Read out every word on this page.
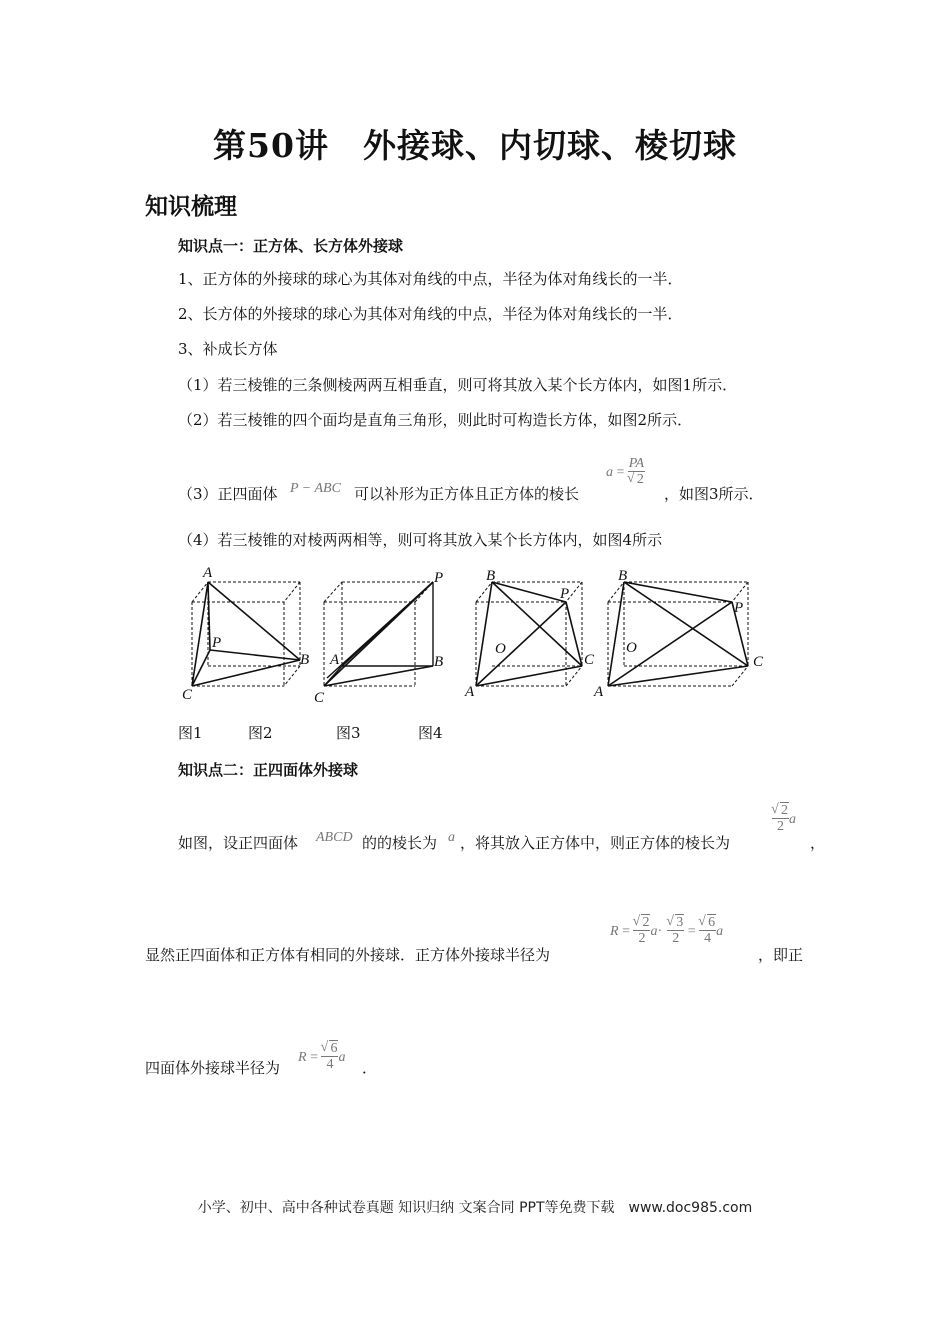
第50讲　外接球、内切球、棱切球
知识梳理
知识点一：正方体、长方体外接球
1、正方体的外接球的球心为其体对角线的中点，半径为体对角线长的一半．
2、长方体的外接球的球心为其体对角线的中点，半径为体对角线长的一半．
3、补成长方体
（1）若三棱锥的三条侧棱两两互相垂直，则可将其放入某个长方体内，如图1所示．
（2）若三棱锥的四个面均是直角三角形，则此时可构造长方体，如图2所示．
（3）正四面体 P − ABC 可以补形为正方体且正方体的棱长
a = PA
√ 2
，如图3所示．
（4）若三棱锥的对棱两两相等，则可将其放入某个长方体内，如图4所示
A
B
C
P
P
A	B
C
B
P
C
A
O
B
P
C
A
O
图1	图2	图3	图4
知识点二：正四面体外接球
如图，设正四面体 ABCD 的的棱长为 a ，将其放入正方体中，则正方体的棱长为
√ $\frac{2}{2}$ a
，
显然正四面体和正方体有相同的外接球．正方体外接球半径为
R = √ $\frac{2}{2} a\cdot$ √ $\frac{3}{2}$ = √ $\frac{6}{4}$ a
，即正
四面体外接球半径为
R = √ $\frac{6}{4}$ a
．
小学、初中、高中各种试卷真题 知识归纳 文案合同 PPT等免费下载　www.doc985.com
